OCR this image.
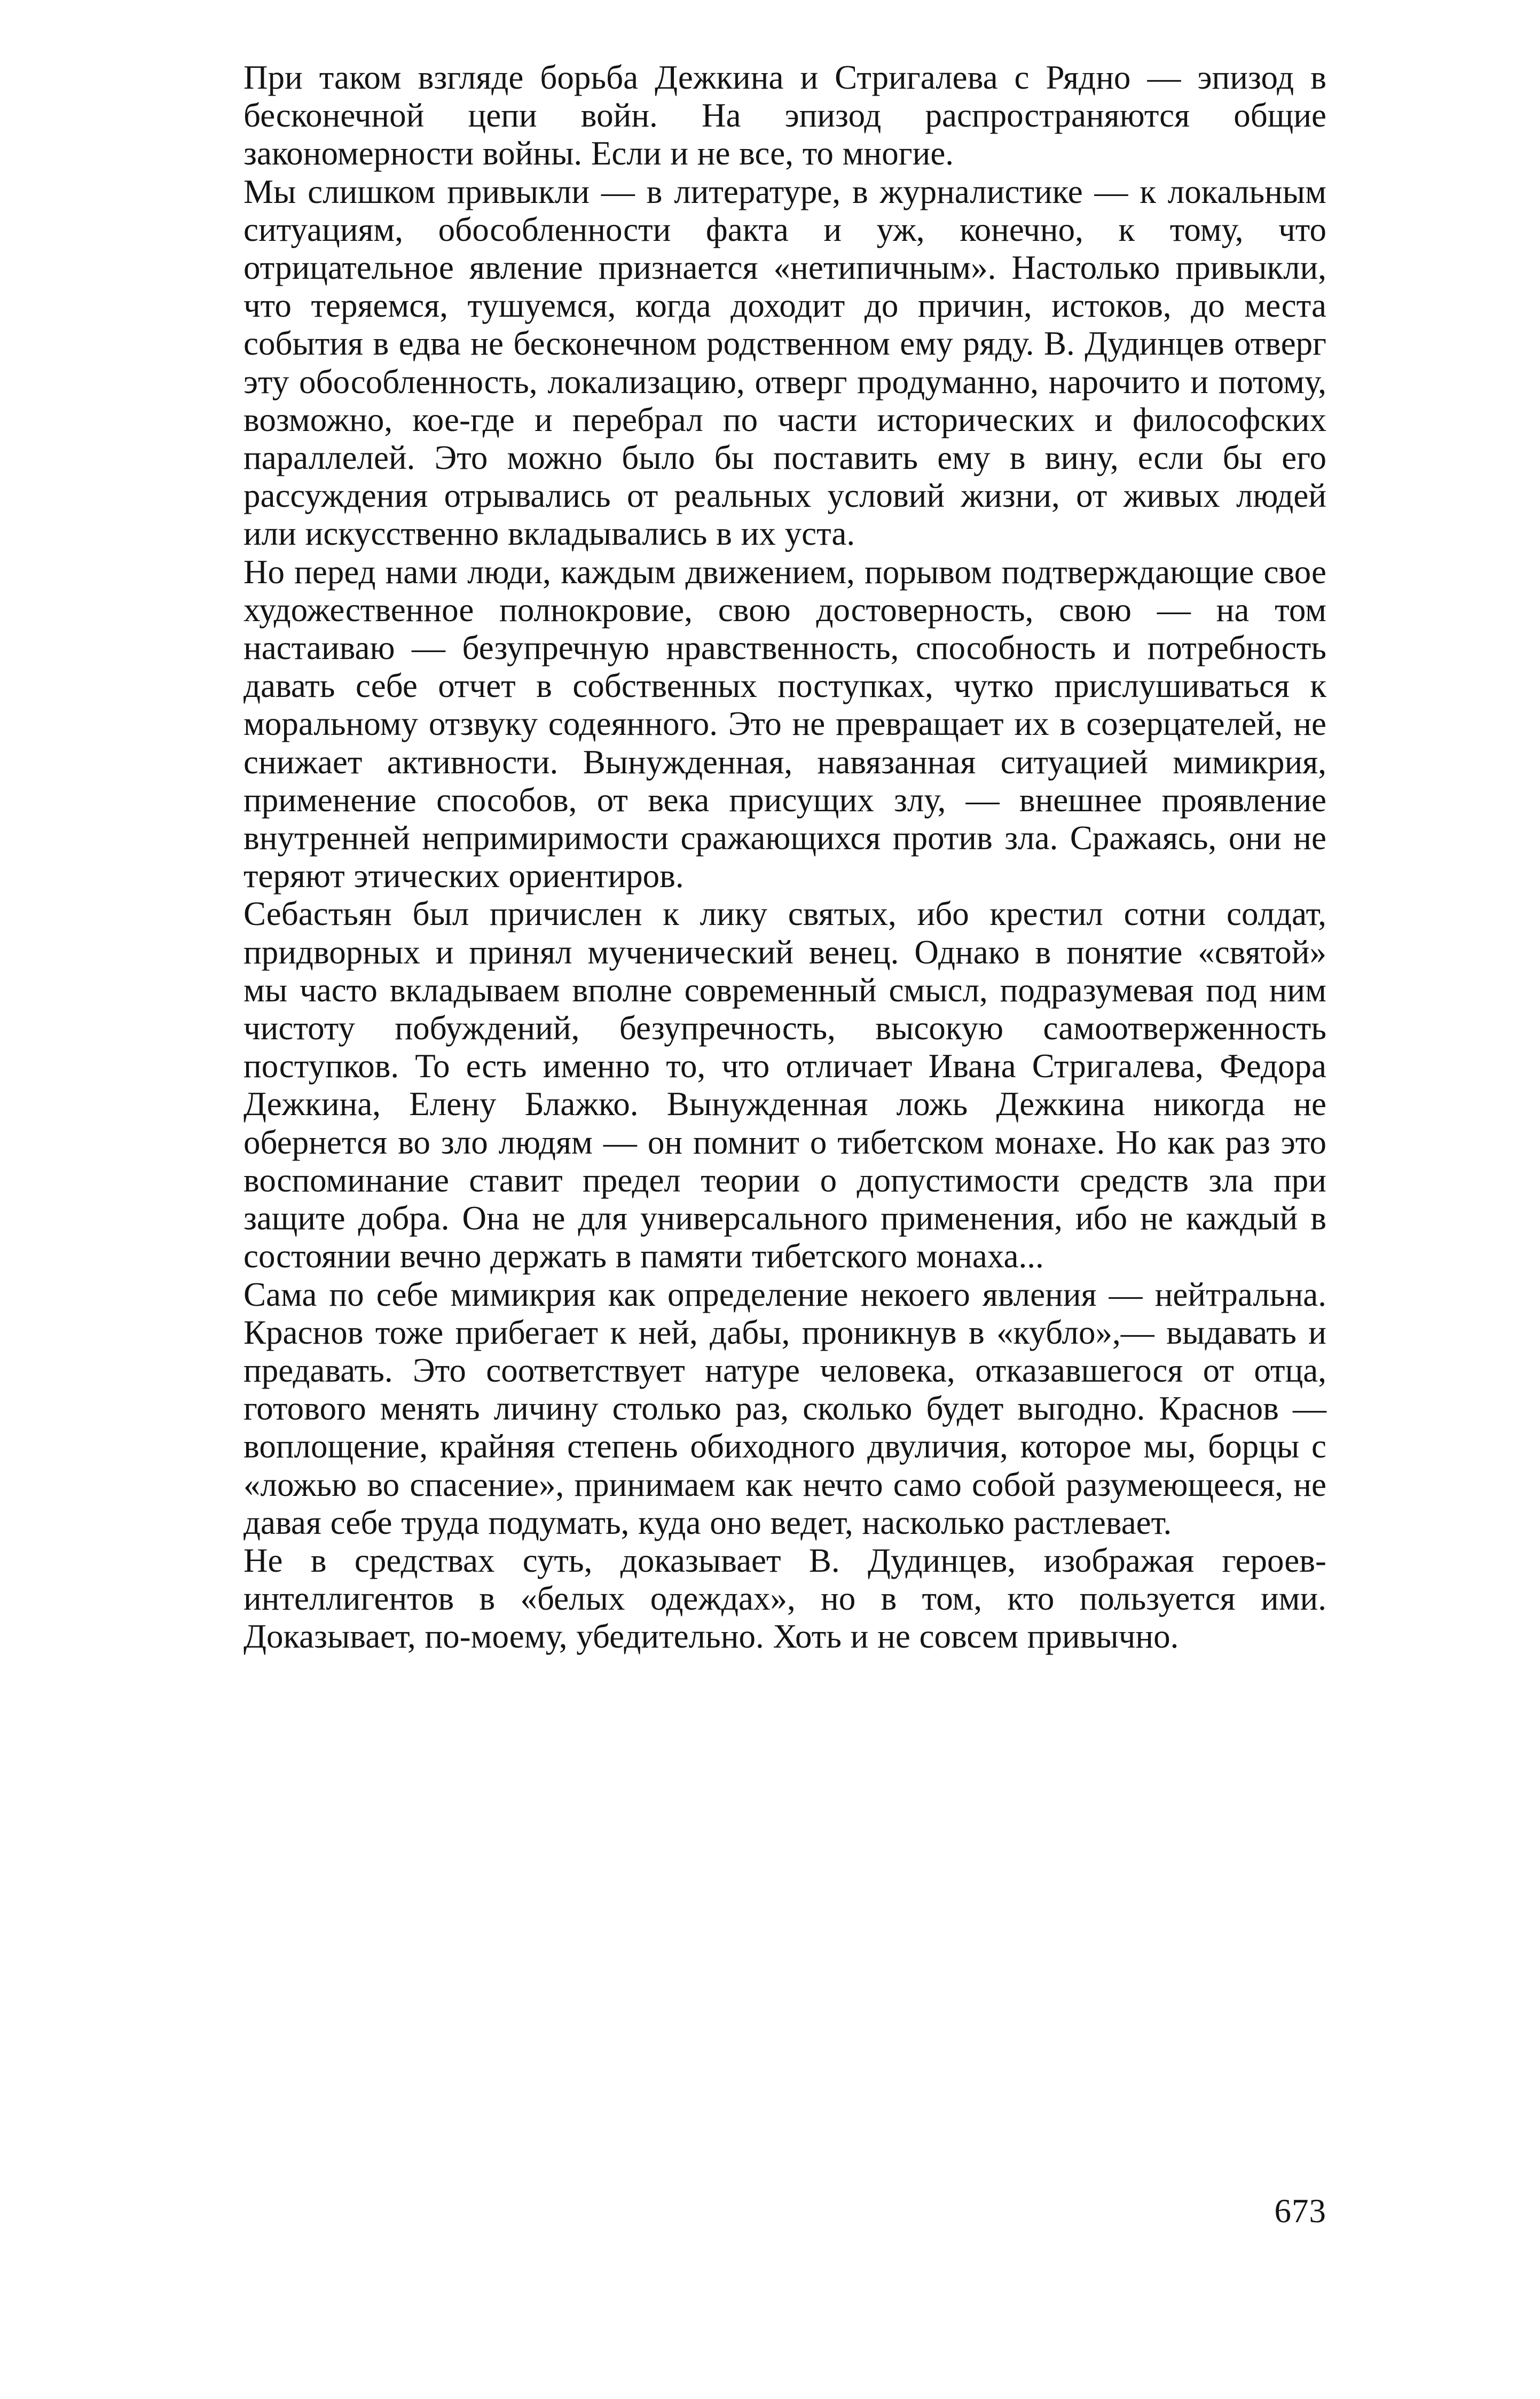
При таком взгляде борьба Дежкина и Стригалева с Рядно — эпизод в бесконечной цепи войн. На эпизод распространяются общие закономерности войны. Если и не все, то многие.

Мы слишком привыкли — в литературе, в журналистике — к локальным ситуациям, обособленности факта и уж, конечно, к тому, что отрицательное явление признается «нетипичным». Настолько привыкли, что теряемся, тушуемся, когда доходит до причин, истоков, до места события в едва не бесконечном родственном ему ряду. В. Дудинцев отверг эту обособленность, локализацию, отверг продуманно, нарочито и потому, возможно, кое-где и перебрал по части исторических и философских параллелей. Это можно было бы поставить ему в вину, если бы его рассуждения отрывались от реальных условий жизни, от живых людей или искусственно вкладывались в их уста.

Но перед нами люди, каждым движением, порывом подтверждающие свое художественное полнокровие, свою достоверность, свою — на том настаиваю — безупречную нравственность, способность и потребность давать себе отчет в собственных поступках, чутко прислушиваться к моральному отзвуку содеянного. Это не превращает их в созерцателей, не снижает активности. Вынужденная, навязанная ситуацией мимикрия, применение способов, от века присущих злу, — внешнее проявление внутренней непримиримости сражающихся против зла. Сражаясь, они не теряют этических ориентиров.

Себастьян был причислен к лику святых, ибо крестил сотни солдат, придворных и принял мученический венец. Однако в понятие «святой» мы часто вкладываем вполне современный смысл, подразумевая под ним чистоту побуждений, безупречность, высокую самоотверженность поступков. То есть именно то, что отличает Ивана Стригалева, Федора Дежкина, Елену Блажко. Вынужденная ложь Дежкина никогда не обернется во зло людям — он помнит о тибетском монахе. Но как раз это воспоминание ставит предел теории о допустимости средств зла при защите добра. Она не для универсального применения, ибо не каждый в состоянии вечно держать в памяти тибетского монаха...

Сама по себе мимикрия как определение некоего явления — нейтральна. Краснов тоже прибегает к ней, дабы, проникнув в «кубло»,— выдавать и предавать. Это соответствует натуре человека, отказавшегося от отца, готового менять личину столько раз, сколько будет выгодно. Краснов — воплощение, крайняя степень обиходного двуличия, которое мы, борцы с «ложью во спасение», принимаем как нечто само собой разумеющееся, не давая себе труда подумать, куда оно ведет, насколько растлевает.

Не в средствах суть, доказывает В. Дудинцев, изображая героев-интеллигентов в «белых одеждах», но в том, кто пользуется ими. Доказывает, по-моему, убедительно. Хоть и не совсем привычно.

673
